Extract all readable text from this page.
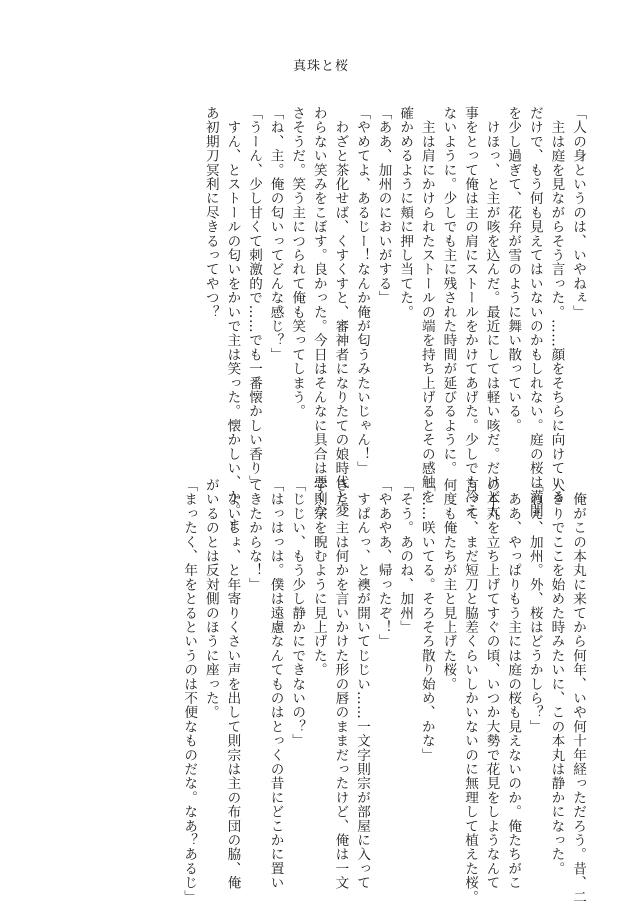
真珠と桜
「人の身というのは、いやねぇ」
　主は庭を見ながらそう言った。……顔をそちらに向けている
だけで、もう何も見えてはいないのかもしれない。庭の桜は満開
を少し過ぎて、花弁が雪のように舞い散っている。
　けほっ、と主が咳を込んだ。最近にしては軽い咳だ。だけど大
事をとって俺は主の肩にストールをかけてあげた。少しでも冷え
ないように。少しでも主に残された時間が延びるように。
　主は肩にかけられたストールの端を持ち上げるとその感触を
確かめるように頬に押し当てた。
「ああ、加州のにおいがする」
「やめてよ、あるじー！なんか俺が匂うみたいじゃん！」
　わざと茶化せば、くすくすと、審神者になりたての娘時代と変
わらない笑みをこぼす。良かった。今日はそんなに具合は悪くな
さそうだ。笑う主につられて俺も笑ってしまう。
「ね、主。俺の匂いってどんな感じ？」
「うーん、少し甘くて刺激的で……でも一番懐かしい香り」
　すん、とストールの匂いをかいで主は笑った。懐かしい、か。ま
あ初期刀冥利に尽きるってやつ？
　俺がこの本丸に来てから何年、いや何十年経っただろう。昔、二
人きりでここを始めた時みたいに、この本丸は静かになった。
「ねえ、加州。外、桜はどうかしら？」
　ああ、やっぱりもう主には庭の桜も見えないのか。俺たちがこ
の本丸を立ち上げてすぐの頃、いつか大勢で花見をしようなんて
言って、まだ短刀と脇差くらいしかいないのに無理して植えた桜。
何度も俺たちが主と見上げた桜。
「……咲いてる。そろそろ散り始め、かな」
「そう。あのね、加州」
「やあやあ、帰ったぞ！」
　すぱんっ、と襖が開いてじじい……一文字則宗が部屋に入って
きた。主は何かを言いかけた形の唇のままだったけど、俺は一文
字則宗を睨むように見上げた。
「じじい、もう少し静かにできないの？」
「はっはっは。僕は遠慮なんてものはとっくの昔にどこかに置い
てきたからな！」
　よいしょ、と年寄りくさい声を出して則宗は主の布団の脇、俺
がいるのとは反対側のほうに座った。
「まったく、年をとるというのは不便なものだな。なあ？あるじ」
